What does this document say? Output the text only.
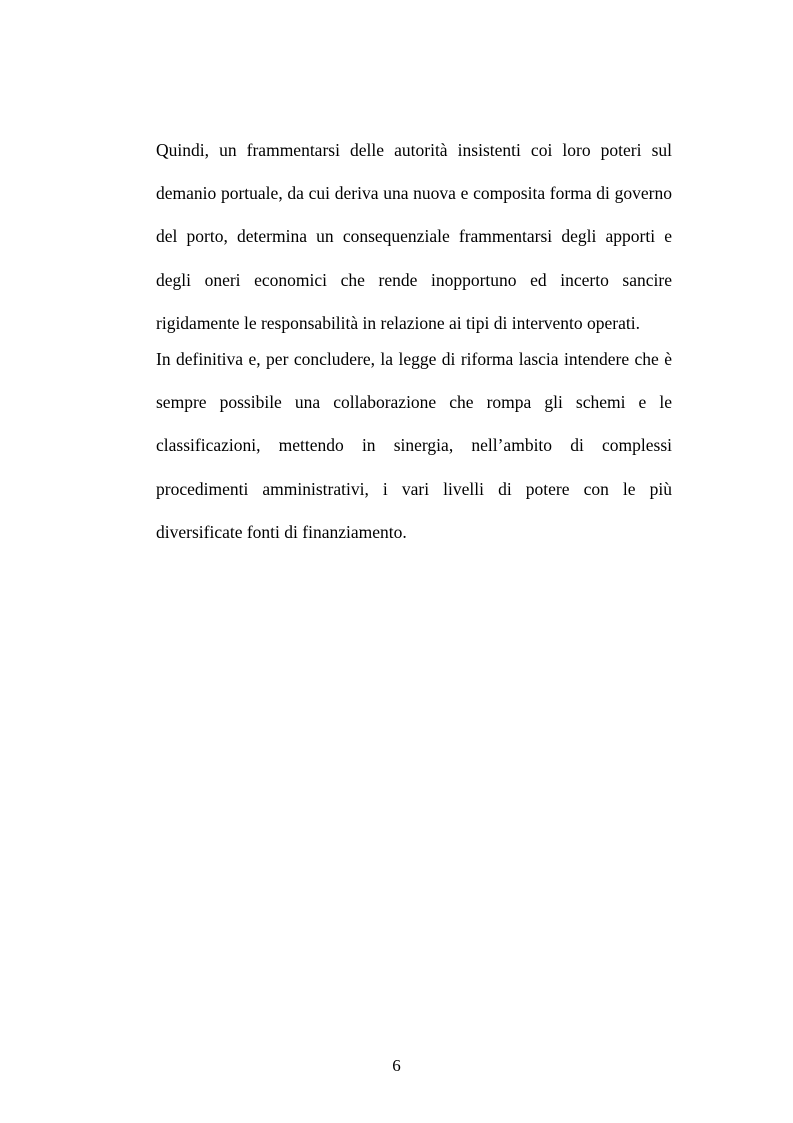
Quindi, un frammentarsi delle autorità insistenti coi loro poteri sul demanio portuale, da cui deriva una nuova e composita forma di governo del porto, determina un consequenziale frammentarsi degli apporti e degli oneri economici che rende inopportuno ed incerto sancire rigidamente le responsabilità in relazione ai tipi di intervento operati.

In definitiva e, per concludere, la legge di riforma lascia intendere che è sempre possibile una collaborazione che rompa gli schemi e le classificazioni, mettendo in sinergia, nell’ambito di complessi procedimenti amministrativi, i vari livelli di potere con le più diversificate fonti di finanziamento.

6
